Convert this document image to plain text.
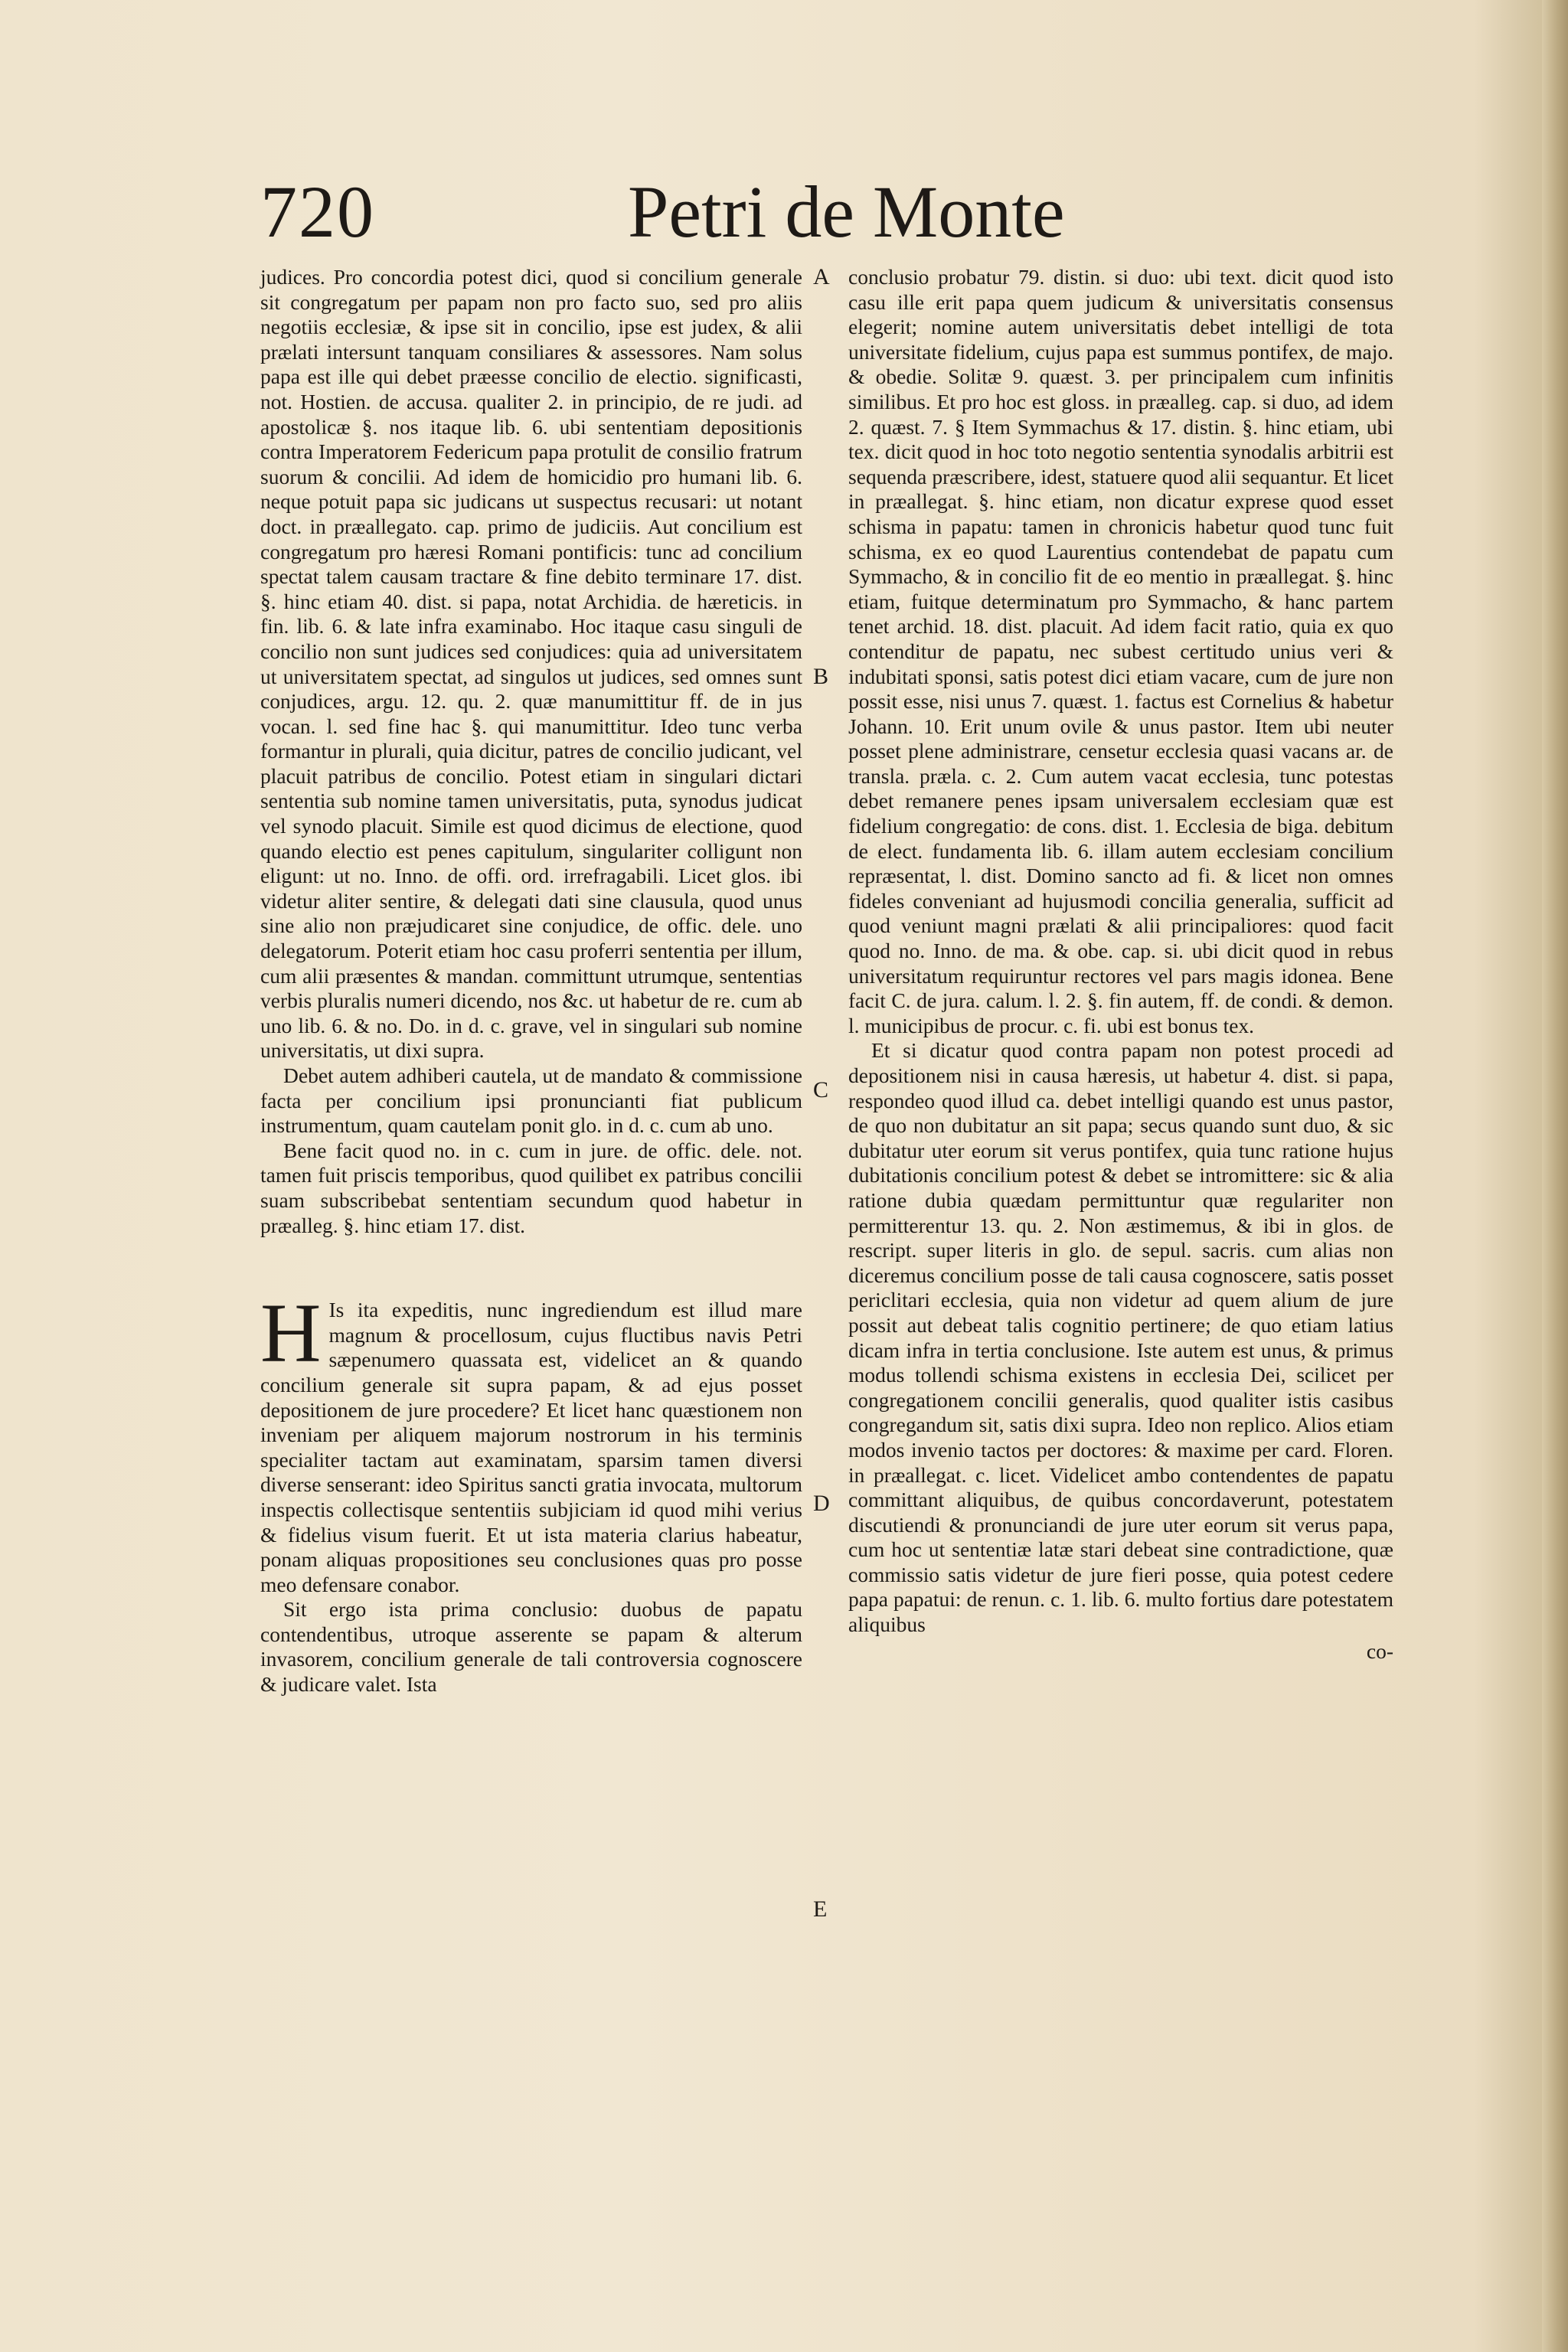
720	Petri de Monte

judices. Pro concordia potest dici, quod si concilium generale sit congregatum per papam non pro facto suo, sed pro aliis negotiis ecclesiæ, & ipse sit in concilio, ipse est judex, & alii prælati intersunt tanquam consiliares & assessores. Nam solus papa est ille qui debet præesse concilio de electio. significasti, not. Hostien. de accusa. qualiter 2. in principio, de re judi. ad apostolicæ §. nos itaque lib. 6. ubi sententiam depositionis contra Imperatorem Federicum papa protulit de consilio fratrum suorum & concilii. Ad idem de homicidio pro humani lib. 6. neque potuit papa sic judicans ut suspectus recusari: ut notant doct. in præallegato. cap. primo de judiciis. Aut concilium est congregatum pro hæresi Romani pontificis: tunc ad concilium spectat talem causam tractare & fine debito terminare 17. dist. §. hinc etiam 40. dist. si papa, notat Archidia. de hæreticis. in fin. lib. 6. & late infra examinabo. Hoc itaque casu singuli de concilio non sunt judices sed conjudices: quia ad universitatem ut universitatem spectat, ad singulos ut judices, sed omnes sunt conjudices, argu. 12. qu. 2. quæ manumittitur ff. de in jus vocan. l. sed fine hac §. qui manumittitur. Ideo tunc verba formantur in plurali, quia dicitur, patres de concilio judicant, vel placuit patribus de concilio. Potest etiam in singulari dictari sententia sub nomine tamen universitatis, puta, synodus judicat vel synodo placuit. Simile est quod dicimus de electione, quod quando electio est penes capitulum, singulariter colligunt non eligunt: ut no. Inno. de offi. ord. irrefragabili. Licet glos. ibi videtur aliter sentire, & delegati dati sine clausula, quod unus sine alio non præjudicaret sine conjudice, de offic. dele. uno delegatorum. Poterit etiam hoc casu proferri sententia per illum, cum alii præsentes & mandan. committunt utrumque, sententias verbis pluralis numeri dicendo, nos &c. ut habetur de re. cum ab uno lib. 6. & no. Do. in d. c. grave, vel in singulari sub nomine universitatis, ut dixi supra.

Debet autem adhiberi cautela, ut de mandato & commissione facta per concilium ipsi pronuncianti fiat publicum instrumentum, quam cautelam ponit glo. in d. c. cum ab uno.

Bene facit quod no. in c. cum in jure. de offic. dele. not. tamen fuit priscis temporibus, quod quilibet ex patribus concilii suam subscribebat sententiam secundum quod habetur in præalleg. §. hinc etiam 17. dist.

H Is ita expeditis, nunc ingrediendum est illud mare magnum & procellosum, cujus fluctibus navis Petri sæpenumero quassata est, videlicet an & quando concilium generale sit supra papam, & ad ejus posset depositionem de jure procedere? Et licet hanc quæstionem non inveniam per aliquem majorum nostrorum in his terminis specialiter tactam aut examinatam, sparsim tamen diversi diverse senserant: ideo Spiritus sancti gratia invocata, multorum inspectis collectisque sententiis subjiciam id quod mihi verius & fidelius visum fuerit. Et ut ista materia clarius habeatur, ponam aliquas propositiones seu conclusiones quas pro posse meo defensare conabor.

Sit ergo ista prima conclusio: duobus de papatu contendentibus, utroque asserente se papam & alterum invasorem, concilium generale de tali controversia cognoscere & judicare valet. Ista

A
B
C
D
E

conclusio probatur 79. distin. si duo: ubi text. dicit quod isto casu ille erit papa quem judicum & universitatis consensus elegerit; nomine autem universitatis debet intelligi de tota universitate fidelium, cujus papa est summus pontifex, de majo. & obedie. Solitæ 9. quæst. 3. per principalem cum infinitis similibus. Et pro hoc est gloss. in præalleg. cap. si duo, ad idem 2. quæst. 7. § Item Symmachus & 17. distin. §. hinc etiam, ubi tex. dicit quod in hoc toto negotio sententia synodalis arbitrii est sequenda præscribere, idest, statuere quod alii sequantur. Et licet in præallegat. §. hinc etiam, non dicatur exprese quod esset schisma in papatu: tamen in chronicis habetur quod tunc fuit schisma, ex eo quod Laurentius contendebat de papatu cum Symmacho, & in concilio fit de eo mentio in præallegat. §. hinc etiam, fuitque determinatum pro Symmacho, & hanc partem tenet archid. 18. dist. placuit. Ad idem facit ratio, quia ex quo contenditur de papatu, nec subest certitudo unius veri & indubitati sponsi, satis potest dici etiam vacare, cum de jure non possit esse, nisi unus 7. quæst. 1. factus est Cornelius & habetur Johann. 10. Erit unum ovile & unus pastor. Item ubi neuter posset plene administrare, censetur ecclesia quasi vacans ar. de transla. præla. c. 2. Cum autem vacat ecclesia, tunc potestas debet remanere penes ipsam universalem ecclesiam quæ est fidelium congregatio: de cons. dist. 1. Ecclesia de biga. debitum de elect. fundamenta lib. 6. illam autem ecclesiam concilium repræsentat, l. dist. Domino sancto ad fi. & licet non omnes fideles conveniant ad hujusmodi concilia generalia, sufficit ad quod veniunt magni prælati & alii principaliores: quod facit quod no. Inno. de ma. & obe. cap. si. ubi dicit quod in rebus universitatum requiruntur rectores vel pars magis idonea. Bene facit C. de jura. calum. l. 2. §. fin autem, ff. de condi. & demon. l. municipibus de procur. c. fi. ubi est bonus tex.

Et si dicatur quod contra papam non potest procedi ad depositionem nisi in causa hæresis, ut habetur 4. dist. si papa, respondeo quod illud ca. debet intelligi quando est unus pastor, de quo non dubitatur an sit papa; secus quando sunt duo, & sic dubitatur uter eorum sit verus pontifex, quia tunc ratione hujus dubitationis concilium potest & debet se intromittere: sic & alia ratione dubia quædam permittuntur quæ regulariter non permitterentur 13. qu. 2. Non æstimemus, & ibi in glos. de rescript. super literis in glo. de sepul. sacris. cum alias non diceremus concilium posse de tali causa cognoscere, satis posset periclitari ecclesia, quia non videtur ad quem alium de jure possit aut debeat talis cognitio pertinere; de quo etiam latius dicam infra in tertia conclusione. Iste autem est unus, & primus modus tollendi schisma existens in ecclesia Dei, scilicet per congregationem concilii generalis, quod qualiter istis casibus congregandum sit, satis dixi supra. Ideo non replico. Alios etiam modos invenio tactos per doctores: & maxime per card. Floren. in præallegat. c. licet. Videlicet ambo contendentes de papatu committant aliquibus, de quibus concordaverunt, potestatem discutiendi & pronunciandi de jure uter eorum sit verus papa, cum hoc ut sententiæ latæ stari debeat sine contradictione, quæ commissio satis videtur de jure fieri posse, quia potest cedere papa papatui: de renun. c. 1. lib. 6. multo fortius dare potestatem aliquibus

co-
